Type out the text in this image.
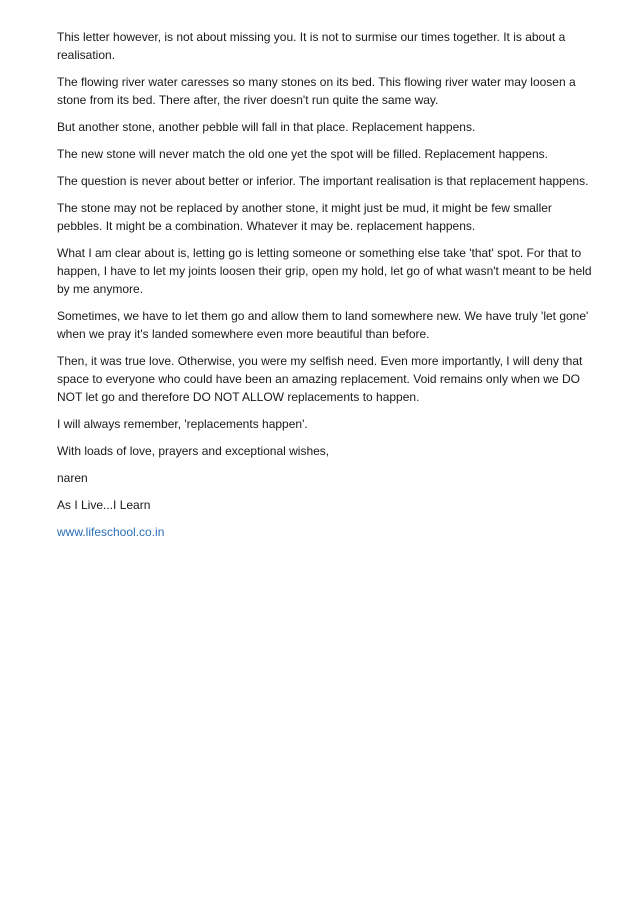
This letter however, is not about missing you. It is not to surmise our times together. It is about a realisation.

The flowing river water caresses so many stones on its bed. This flowing river water may loosen a stone from its bed. There after, the river doesn't run quite the same way.

But another stone, another pebble will fall in that place. Replacement happens.

The new stone will never match the old one yet the spot will be filled. Replacement happens.

The question is never about better or inferior. The important realisation is that replacement happens.

The stone may not be replaced by another stone, it might just be mud, it might be few smaller pebbles. It might be a combination. Whatever it may be. replacement happens.

What I am clear about is, letting go is letting someone or something else take 'that' spot. For that to happen, I have to let my joints loosen their grip, open my hold, let go of what wasn't meant to be held by me anymore.

Sometimes, we have to let them go and allow them to land somewhere new. We have truly 'let gone' when we pray it's landed somewhere even more beautiful than before.

Then, it was true love. Otherwise, you were my selfish need. Even more importantly, I will deny that space to everyone who could have been an amazing replacement. Void remains only when we DO NOT let go and therefore DO NOT ALLOW replacements to happen.

I will always remember, 'replacements happen'.

With loads of love, prayers and exceptional wishes,

naren

As I Live...I Learn

www.lifeschool.co.in
